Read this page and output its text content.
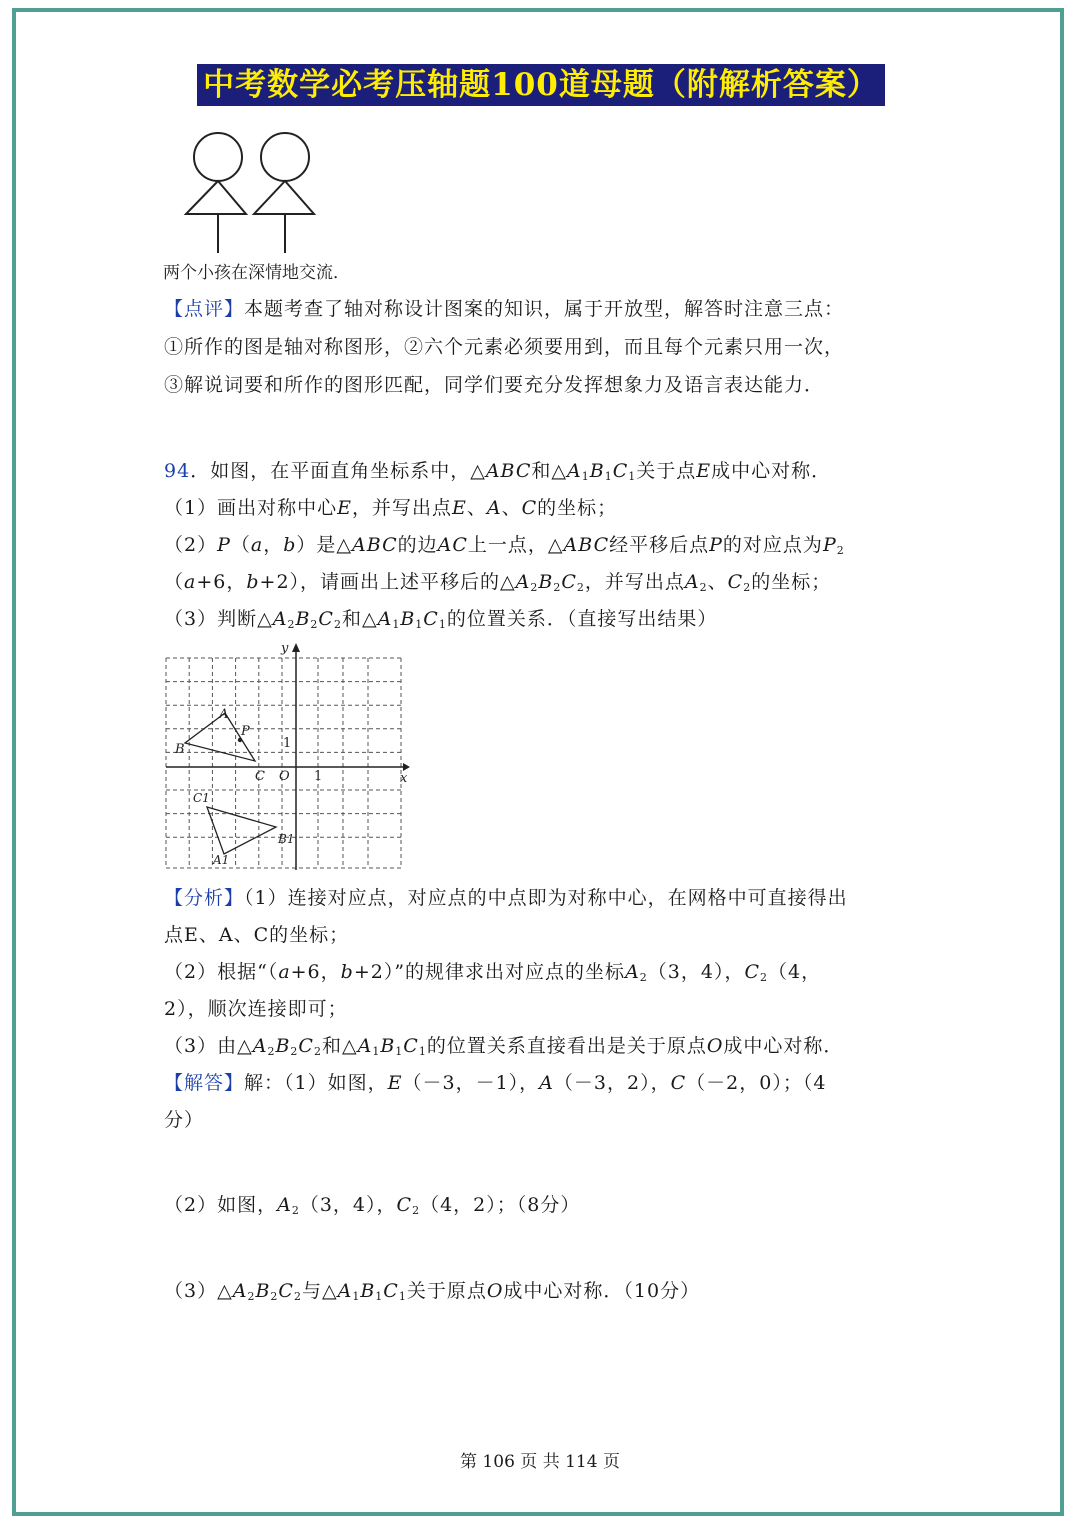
中考数学必考压轴题100道母题（附解析答案）
两个小孩在深情地交流．
【点评】本题考查了轴对称设计图案的知识，属于开放型，解答时注意三点：
①所作的图是轴对称图形，②六个元素必须要用到，而且每个元素只用一次，
③解说词要和所作的图形匹配，同学们要充分发挥想象力及语言表达能力．
94．如图，在平面直角坐标系中，△ABC和$\triangle A_1B_1C_1$关于点E成中心对称．
（1）画出对称中心E，并写出点E、A、C的坐标；
（2）P（a，b）是△ABC的边AC上一点，△ABC经平移后点P的对应点为$P_2$
（a+6，b+2），请画出上述平移后的$\triangle A_2B_2C_2$，并写出点$A_2$、$C_2$的坐标；
（3）判断$\triangle A_2B_2C_2$和$\triangle A_1B_1C_1$的位置关系．（直接写出结果）
y
x
O 1
1
A
B
C
P
A1
B1
C1
【分析】（1）连接对应点，对应点的中点即为对称中心，在网格中可直接得出
点E、A、C的坐标；
（2）根据“（a+6，b+2）”的规律求出对应点的坐标$A_2(3$，4），$C_2(4$，
2），顺次连接即可；
（3）由$\triangle A_2B_2C_2$和$\triangle A_1B_1C_1$的位置关系直接看出是关于原点O成中心对称．
【解答】解：（1）如图，E（－3，－1），A（－3，2），C（－2，0）；（4
分）
（2）如图，$A_2(3$，4），$C_2(4$，2）；（8分）
$(3)\triangle A_2B_2C_2$与$\triangle A_1B_1C_1$关于原点O成中心对称．（10分）
第 106 页 共 114 页
